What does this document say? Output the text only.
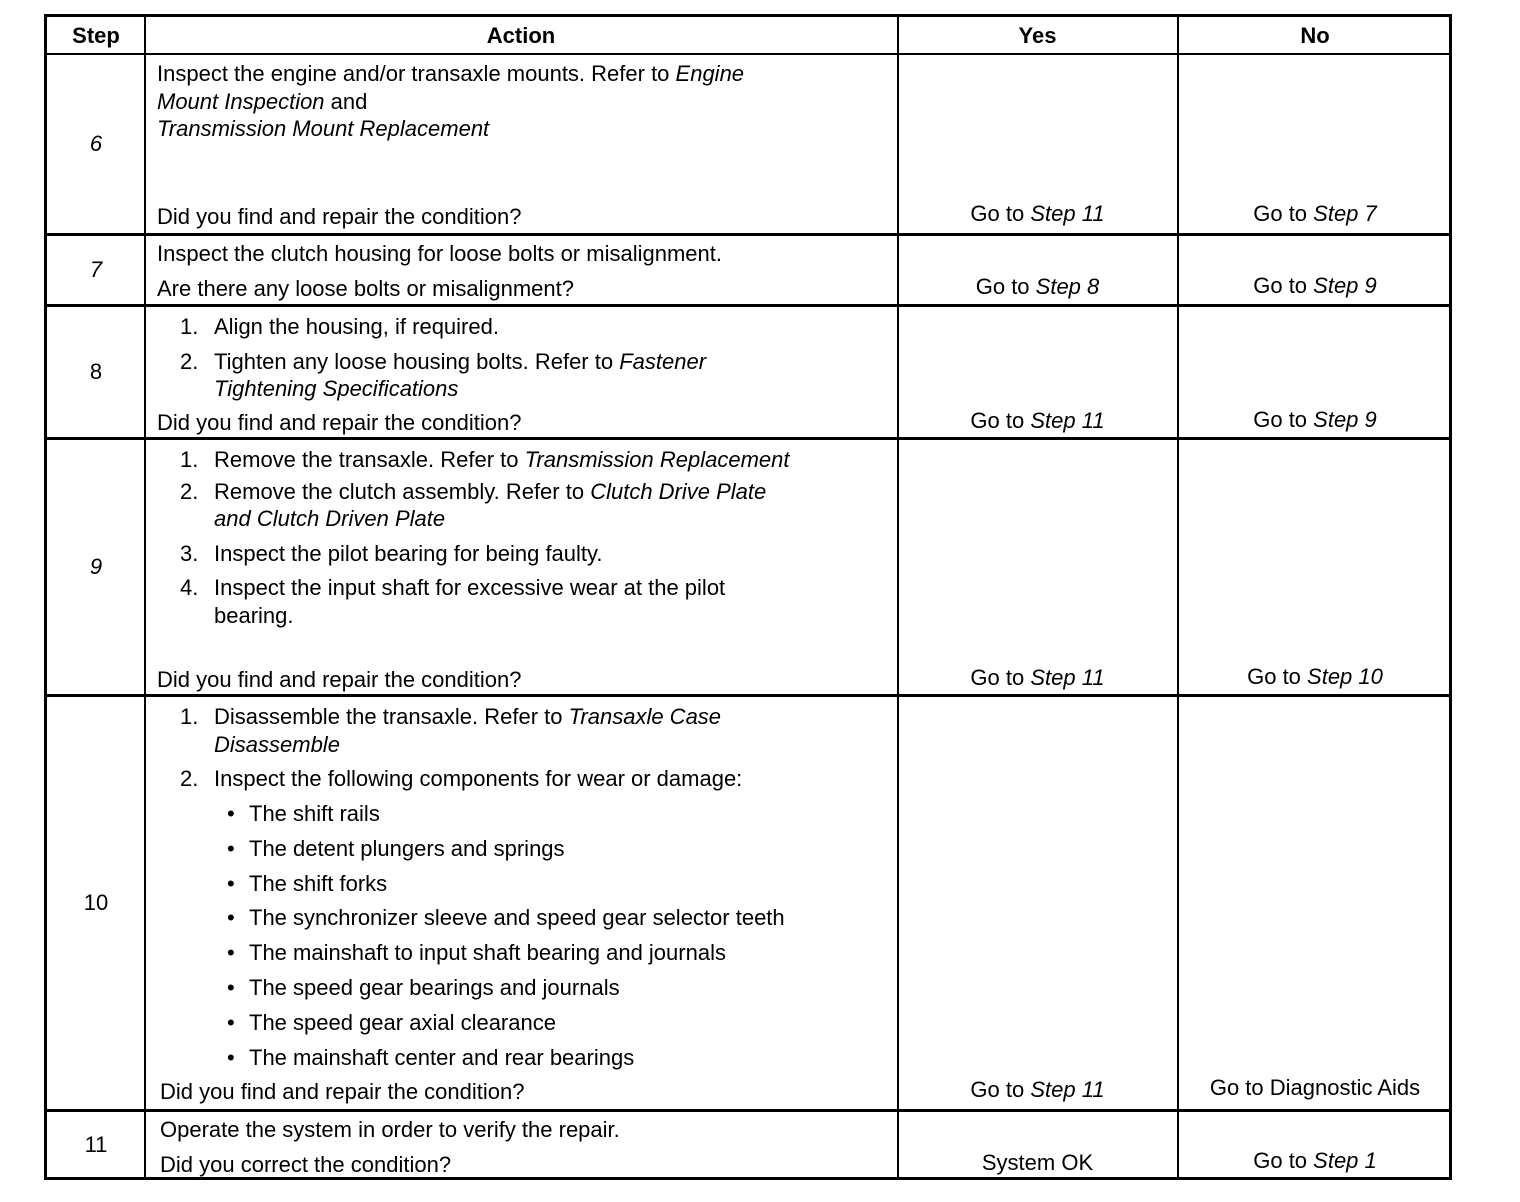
Step	Action	Yes	No
6
Inspect the engine and/or transaxle mounts. Refer to Engine
Mount Inspection and
Transmission Mount Replacement
Did you find and repair the condition?	Go to Step 11	Go to Step 7
7
Inspect the clutch housing for loose bolts or misalignment.
Are there any loose bolts or misalignment?	Go to Step 8	Go to Step 9
8
1. Align the housing, if required.
2. Tighten any loose housing bolts. Refer to Fastener
Tightening Specifications
Did you find and repair the condition?	Go to Step 11	Go to Step 9
9
1. Remove the transaxle. Refer to Transmission Replacement
2. Remove the clutch assembly. Refer to Clutch Drive Plate
and Clutch Driven Plate
3. Inspect the pilot bearing for being faulty.
4. Inspect the input shaft for excessive wear at the pilot
bearing.
Did you find and repair the condition?	Go to Step 11	Go to Step 10
10
1. Disassemble the transaxle. Refer to Transaxle Case
Disassemble
2. Inspect the following components for wear or damage:
• The shift rails
• The detent plungers and springs
• The shift forks
• The synchronizer sleeve and speed gear selector teeth
• The mainshaft to input shaft bearing and journals
• The speed gear bearings and journals
• The speed gear axial clearance
• The mainshaft center and rear bearings
Did you find and repair the condition?	Go to Step 11	Go to Diagnostic Aids
11
Operate the system in order to verify the repair.
Did you correct the condition?	System OK	Go to Step 1
